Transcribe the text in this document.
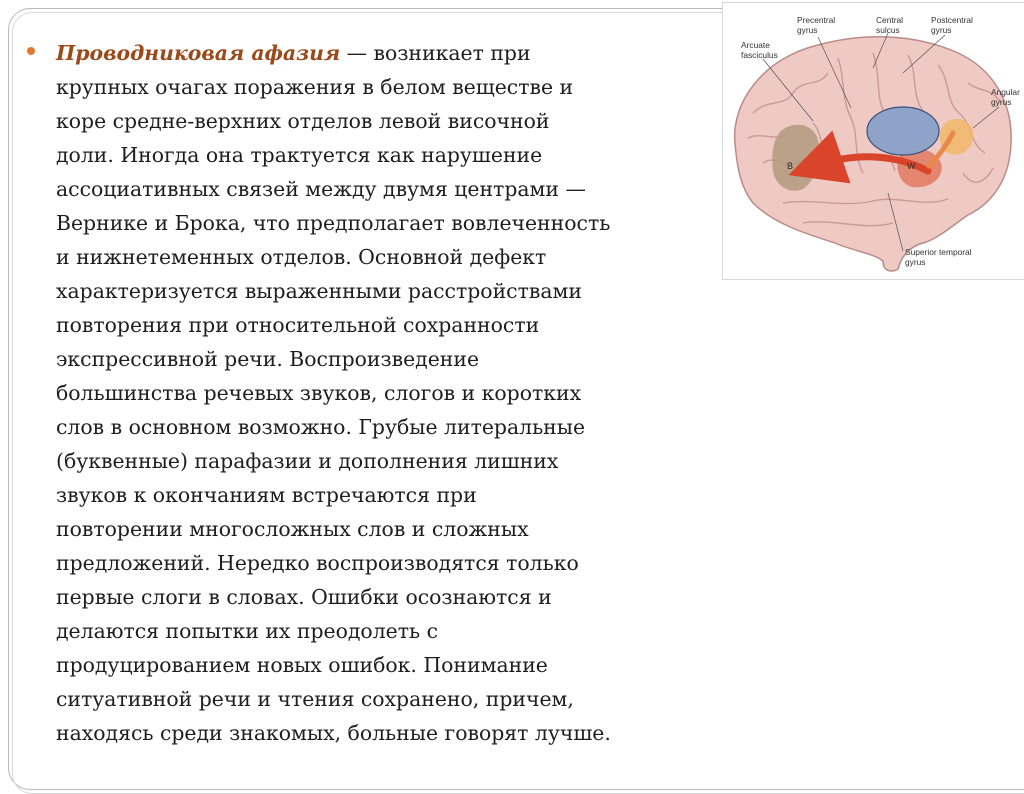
Проводниковая афазия — возникает при
крупных очагах поражения в белом веществе и
коре средне-верхних отделов левой височной
доли. Иногда она трактуется как нарушение
ассоциативных связей между двумя центрами —
Вернике и Брока, что предполагает вовлеченность
и нижнетеменных отделов. Основной дефект
характеризуется выраженными расстройствами
повторения при относительной сохранности
экспрессивной речи. Воспроизведение
большинства речевых звуков, слогов и коротких
слов в основном возможно. Грубые литеральные
(буквенные) парафазии и дополнения лишних
звуков к окончаниям встречаются при
повторении многосложных слов и сложных
предложений. Нередко воспроизводятся только
первые слоги в словах. Ошибки осознаются и
делаются попытки их преодолеть с
продуцированием новых ошибок. Понимание
ситуативной речи и чтения сохранено, причем,
находясь среди знакомых, больные говорят лучше.
B	W
Arcuate
fasciculus
Precentral
gyrus
Central
sulcus
Postcentral
gyrus
Angular
gyrus
Superior temporal
gyrus
